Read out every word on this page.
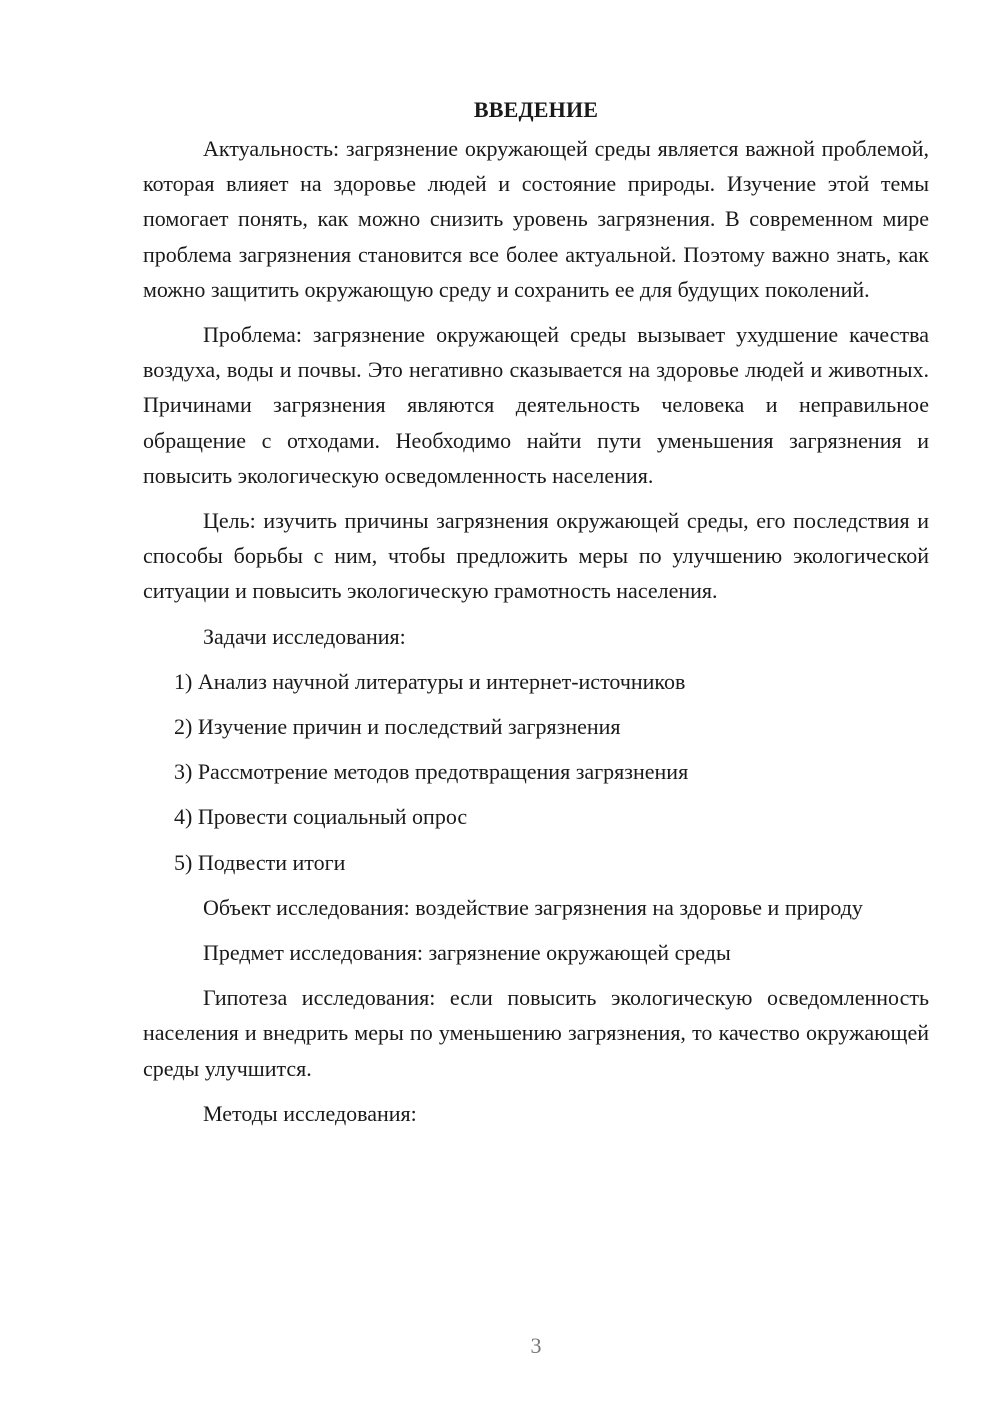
ВВЕДЕНИЕ

Актуальность: загрязнение окружающей среды является важной проблемой, которая влияет на здоровье людей и состояние природы. Изучение этой темы помогает понять, как можно снизить уровень загрязнения. В современном мире проблема загрязнения становится все более актуальной. Поэтому важно знать, как можно защитить окружающую среду и сохранить ее для будущих поколений.

Проблема: загрязнение окружающей среды вызывает ухудшение качества воздуха, воды и почвы. Это негативно сказывается на здоровье людей и животных. Причинами загрязнения являются деятельность человека и неправильное обращение с отходами. Необходимо найти пути уменьшения загрязнения и повысить экологическую осведомленность населения.

Цель: изучить причины загрязнения окружающей среды, его последствия и способы борьбы с ним, чтобы предложить меры по улучшению экологической ситуации и повысить экологическую грамотность населения.

Задачи исследования:

1) Анализ научной литературы и интернет-источников

2) Изучение причин и последствий загрязнения

3) Рассмотрение методов предотвращения загрязнения

4) Провести социальный опрос

5) Подвести итоги

Объект исследования: воздействие загрязнения на здоровье и природу

Предмет исследования: загрязнение окружающей среды

Гипотеза исследования: если повысить экологическую осведомленность населения и внедрить меры по уменьшению загрязнения, то качество окружающей среды улучшится.

Методы исследования:

3
